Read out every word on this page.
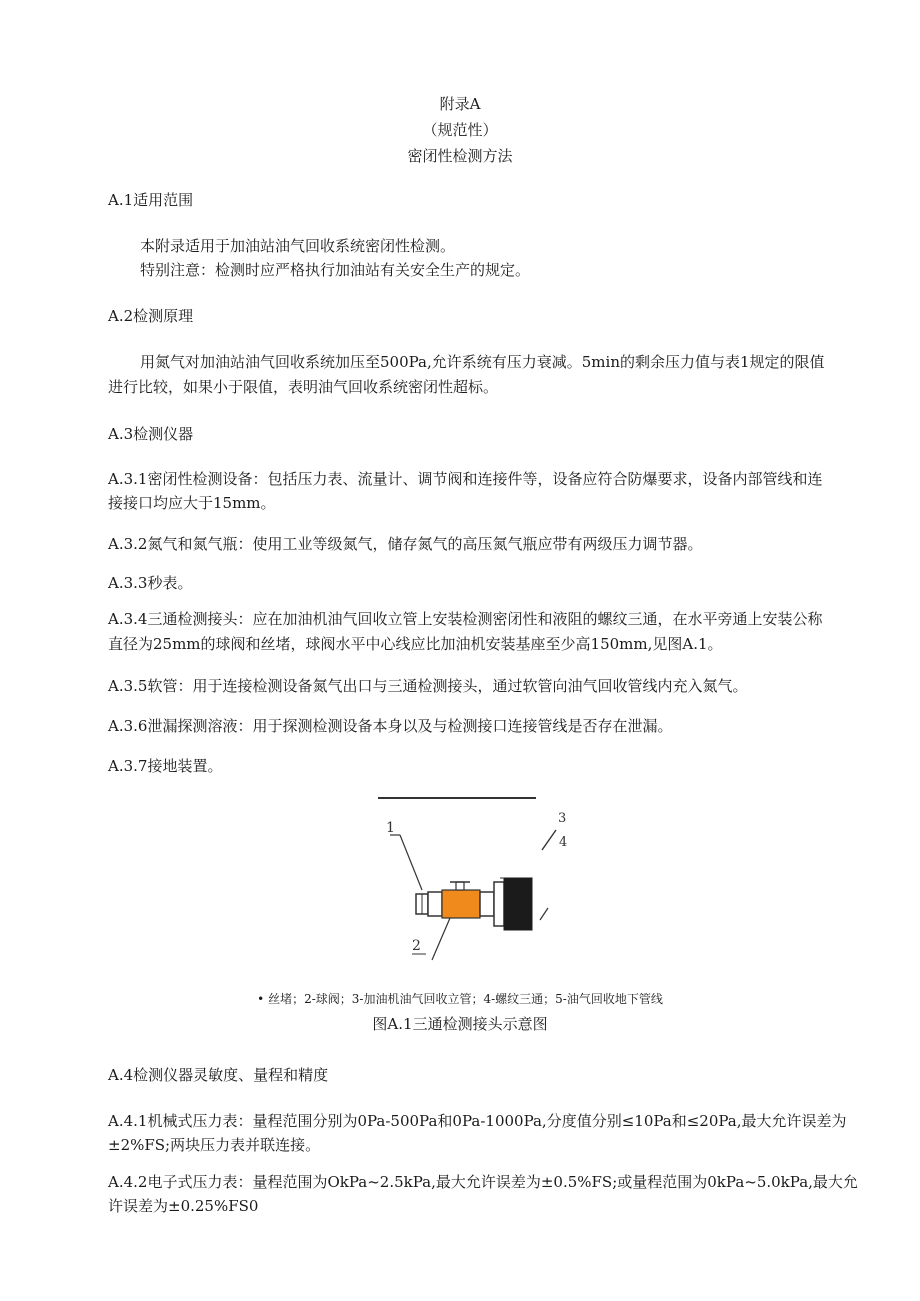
附录A
（规范性）
密闭性检测方法
A.1适用范围
本附录适用于加油站油气回收系统密闭性检测。
特别注意：检测时应严格执行加油站有关安全生产的规定。
A.2检测原理
用氮气对加油站油气回收系统加压至500Pa,允许系统有压力衰减。5min的剩余压力值与表1规定的限值
进行比较，如果小于限值，表明油气回收系统密闭性超标。
A.3检测仪器
A.3.1密闭性检测设备：包括压力表、流量计、调节阀和连接件等，设备应符合防爆要求，设备内部管线和连
接接口均应大于15mm。
A.3.2氮气和氮气瓶：使用工业等级氮气，储存氮气的高压氮气瓶应带有两级压力调节器。
A.3.3秒表。
A.3.4三通检测接头：应在加油机油气回收立管上安装检测密闭性和液阻的螺纹三通，在水平旁通上安装公称
直径为25mm的球阀和丝堵，球阀水平中心线应比加油机安装基座至少高150mm,见图A.1。
A.3.5软管：用于连接检测设备氮气出口与三通检测接头，通过软管向油气回收管线内充入氮气。
A.3.6泄漏探测溶液：用于探测检测设备本身以及与检测接口连接管线是否存在泄漏。
A.3.7接地装置。
1
3
4
2
• 丝堵；2-球阀；3-加油机油气回收立管；4-螺纹三通；5-油气回收地下管线
图A.1三通检测接头示意图
A.4检测仪器灵敏度、量程和精度
A.4.1机械式压力表：量程范围分别为0Pa-500Pa和0Pa-1000Pa,分度值分别≤10Pa和≤20Pa,最大允许误差为
±2%FS;两块压力表并联连接。
A.4.2电子式压力表：量程范围为OkPa~2.5kPa,最大允许误差为±0.5%FS;或量程范围为0kPa~5.0kPa,最大允
许误差为±0.25%FS0
